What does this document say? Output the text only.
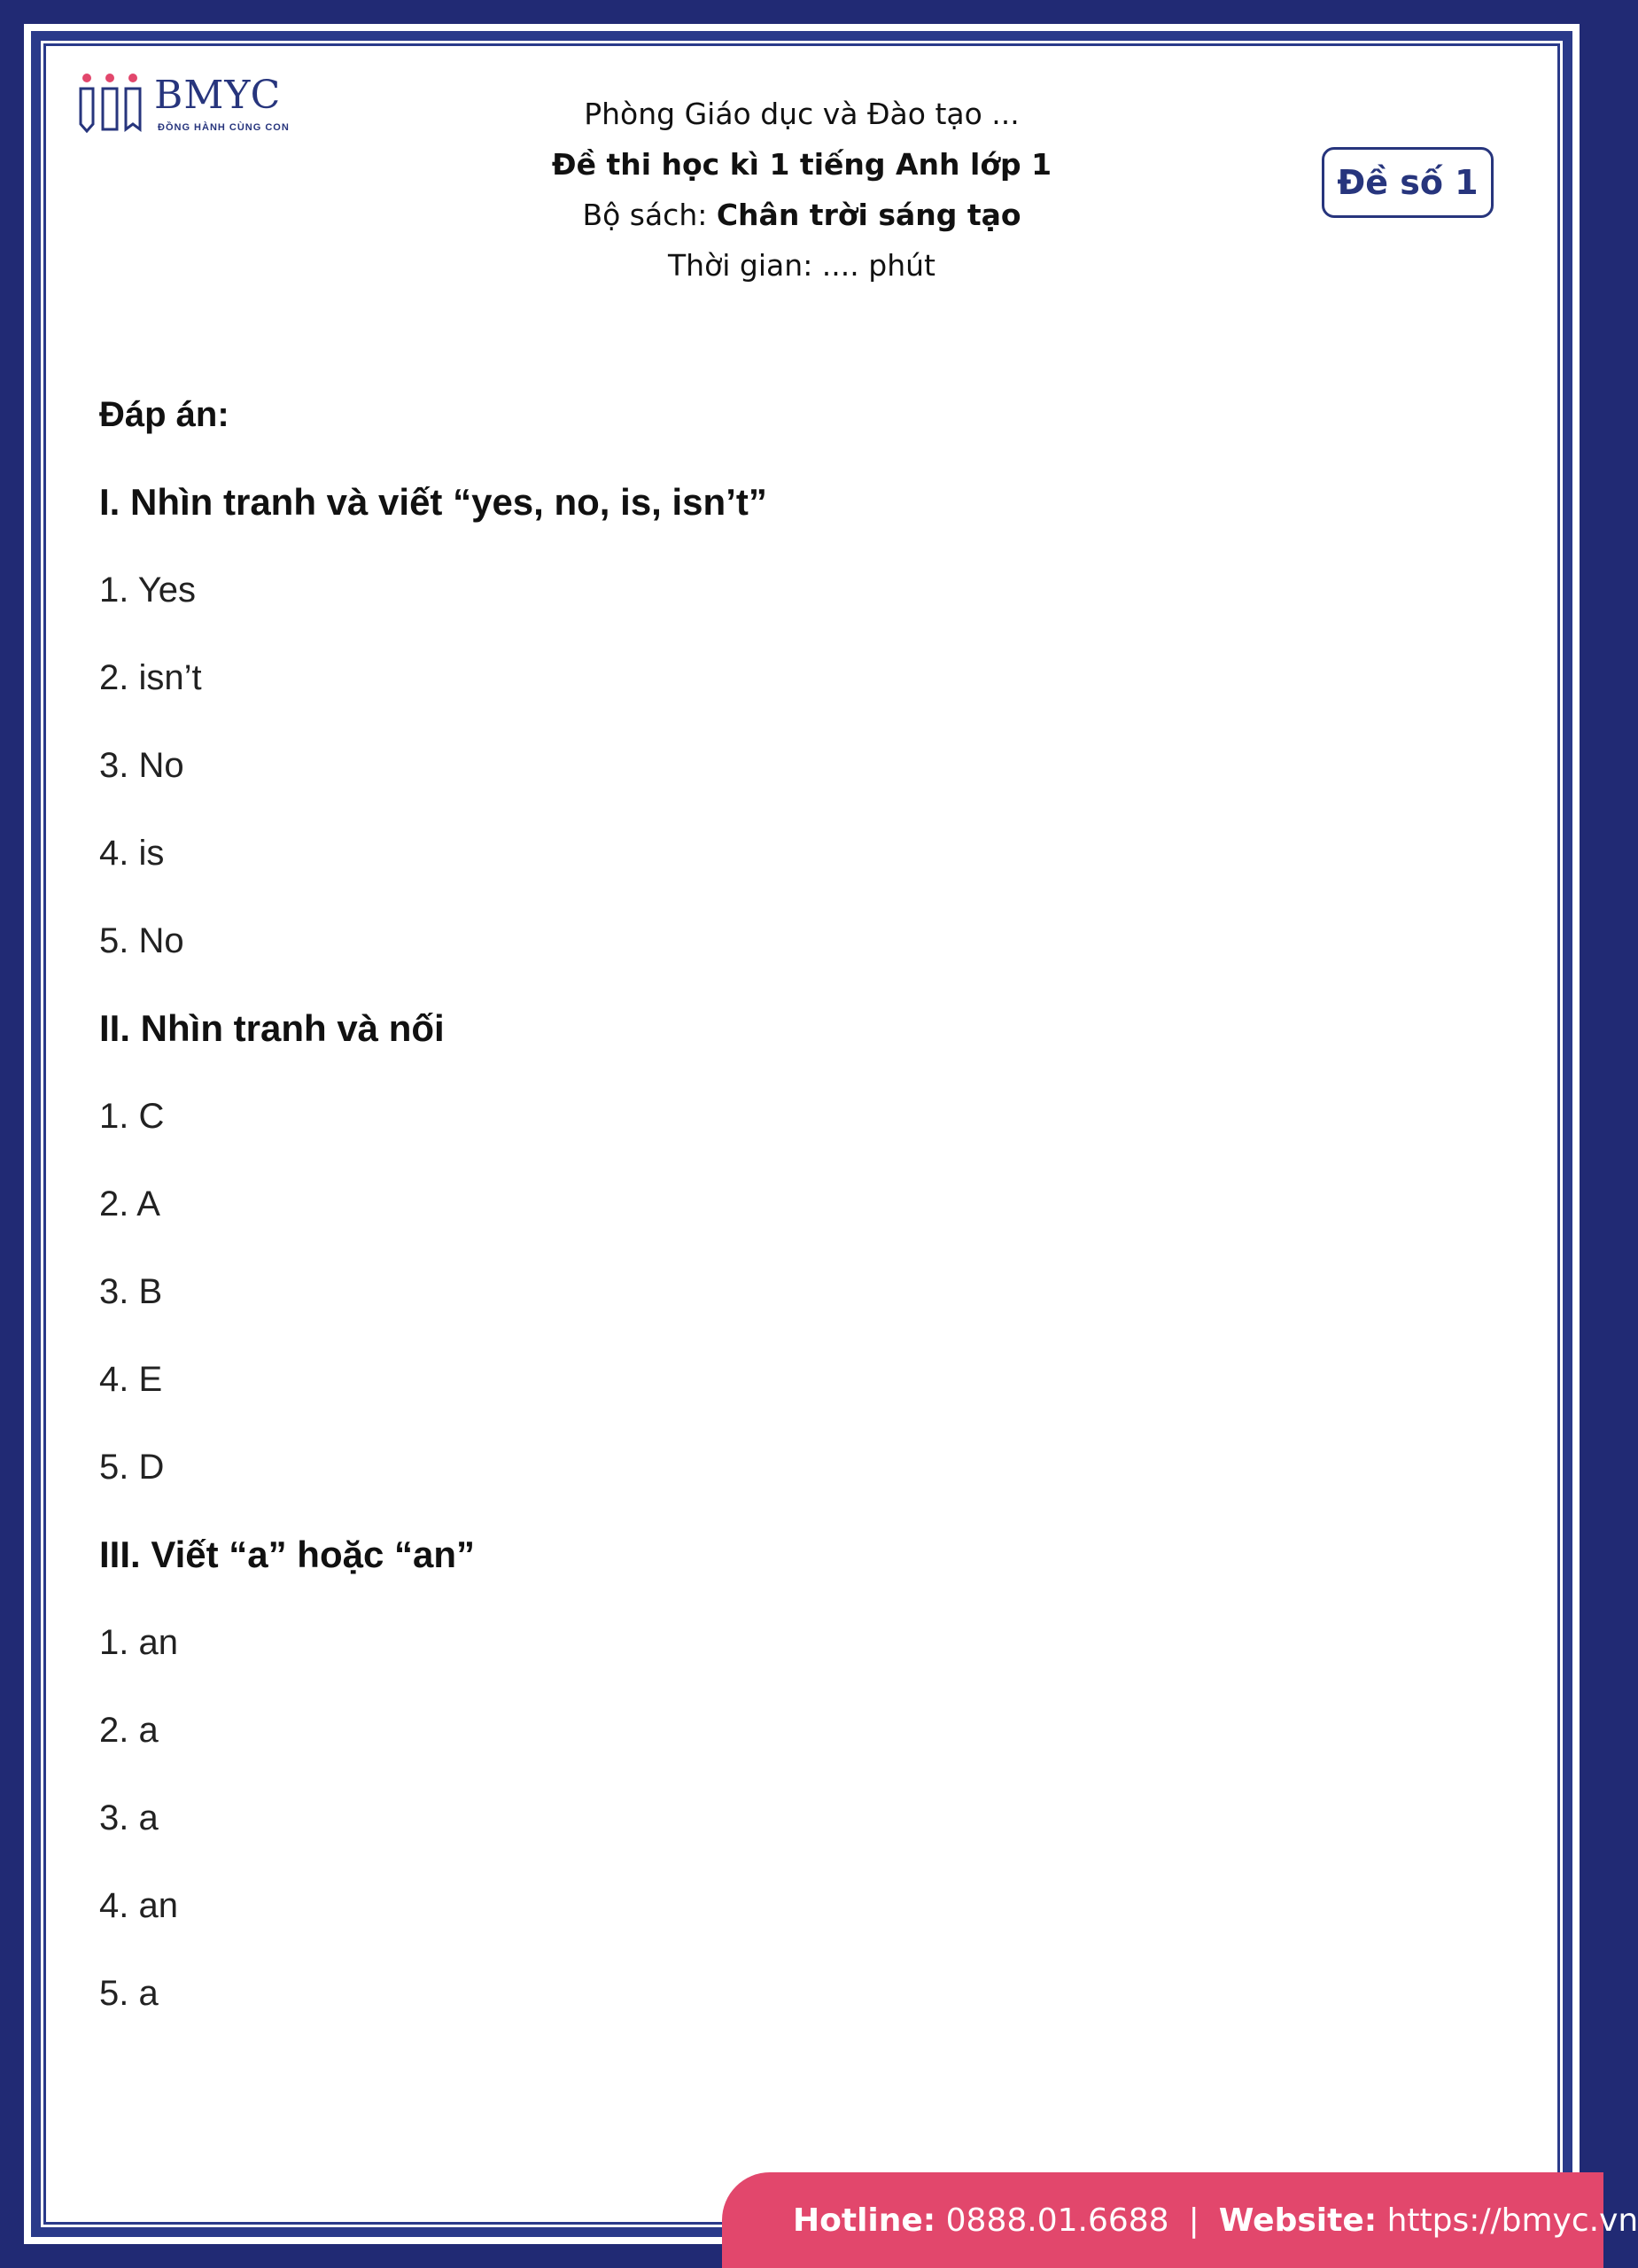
BMYC
ĐỒNG HÀNH CÙNG CON	Phòng Giáo dục và Đào tạo ...
Đề thi học kì 1 tiếng Anh lớp 1
Bộ sách: Chân trời sáng tạo
Thời gian: .... phút
Đề số 1
Đáp án:
I. Nhìn tranh và viết “yes, no, is, isn’t”
1. Yes
2. isn’t
3. No
4. is
5. No
II. Nhìn tranh và nối
1. C
2. A
3. B
4. E
5. D
III. Viết “a” hoặc “an”
1. an
2. a
3. a
4. an
5. a
Hotline:
0888.01.6688 | Website:
https://bmyc.vn
